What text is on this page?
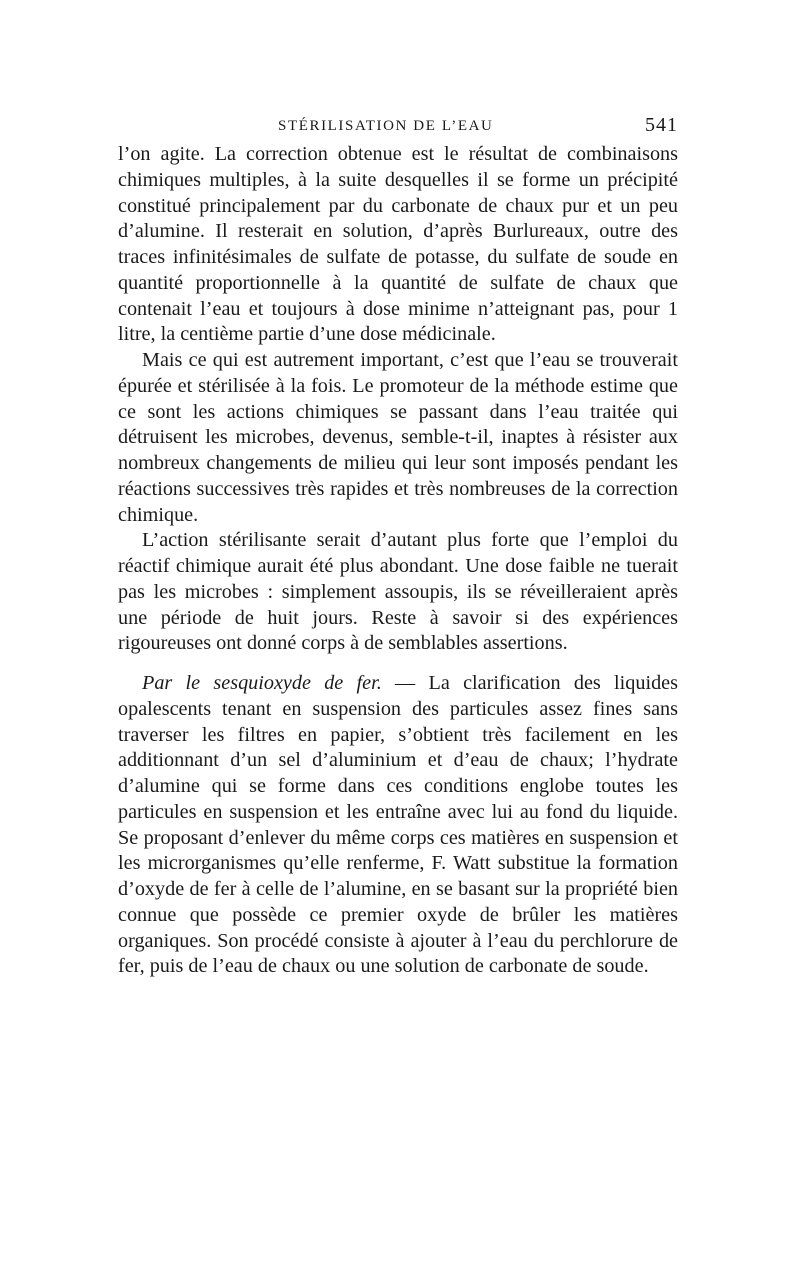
STÉRILISATION DE L’EAU	541

l’on agite. La correction obtenue est le résultat de combinaisons chimiques multiples, à la suite desquelles il se forme un précipité constitué principalement par du carbonate de chaux pur et un peu d’alumine. Il resterait en solution, d’après Burlureaux, outre des traces infinitésimales de sulfate de potasse, du sulfate de soude en quantité proportionnelle à la quantité de sulfate de chaux que contenait l’eau et toujours à dose minime n’atteignant pas, pour 1 litre, la centième partie d’une dose médicinale.

Mais ce qui est autrement important, c’est que l’eau se trouverait épurée et stérilisée à la fois. Le promoteur de la méthode estime que ce sont les actions chimiques se passant dans l’eau traitée qui détruisent les microbes, devenus, semble-t-il, inaptes à résister aux nombreux changements de milieu qui leur sont imposés pendant les réactions successives très rapides et très nombreuses de la correction chimique.

L’action stérilisante serait d’autant plus forte que l’emploi du réactif chimique aurait été plus abondant. Une dose faible ne tuerait pas les microbes : simplement assoupis, ils se réveilleraient après une période de huit jours. Reste à savoir si des expériences rigoureuses ont donné corps à de semblables assertions.

Par le sesquioxyde de fer. — La clarification des liquides opalescents tenant en suspension des particules assez fines sans traverser les filtres en papier, s’obtient très facilement en les additionnant d’un sel d’aluminium et d’eau de chaux; l’hydrate d’alumine qui se forme dans ces conditions englobe toutes les particules en suspension et les entraîne avec lui au fond du liquide. Se proposant d’enlever du même corps ces matières en suspension et les microrganismes qu’elle renferme, F. Watt substitue la formation d’oxyde de fer à celle de l’alumine, en se basant sur la propriété bien connue que possède ce premier oxyde de brûler les matières organiques. Son procédé consiste à ajouter à l’eau du perchlorure de fer, puis de l’eau de chaux ou une solution de carbonate de soude.
